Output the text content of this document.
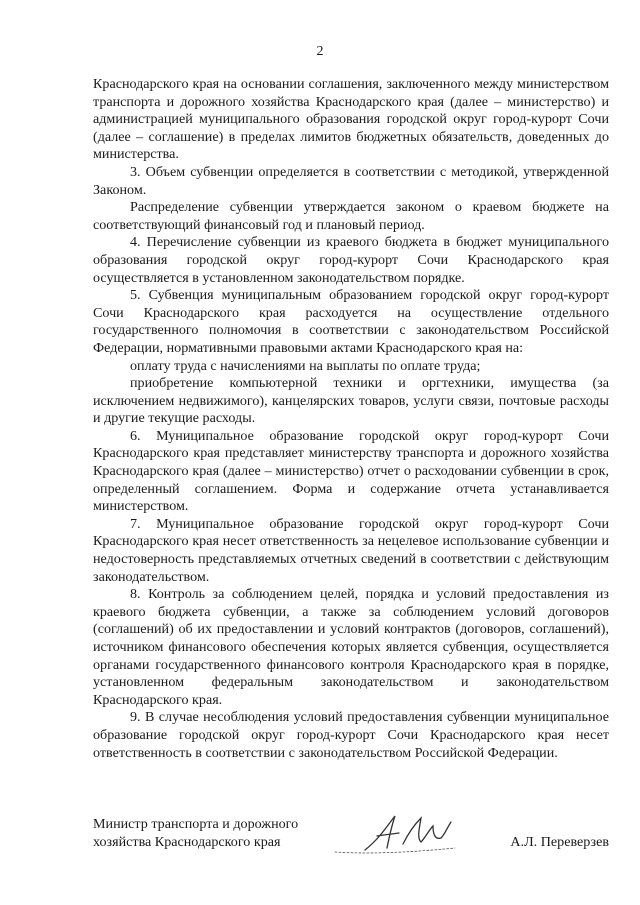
2

Краснодарского края на основании соглашения, заключенного между министерством транспорта и дорожного хозяйства Краснодарского края (далее – министерство) и администрацией муниципального образования городской округ город-курорт Сочи (далее – соглашение) в пределах лимитов бюджетных обязательств, доведенных до министерства.

3. Объем субвенции определяется в соответствии с методикой, утвержденной Законом.

Распределение субвенции утверждается законом о краевом бюджете на соответствующий финансовый год и плановый период.

4. Перечисление субвенции из краевого бюджета в бюджет муниципального образования городской округ город-курорт Сочи Краснодарского края осуществляется в установленном законодательством порядке.

5. Субвенция муниципальным образованием городской округ город-курорт Сочи Краснодарского края расходуется на осуществление отдельного государственного полномочия в соответствии с законодательством Российской Федерации, нормативными правовыми актами Краснодарского края на:

оплату труда с начислениями на выплаты по оплате труда;

приобретение компьютерной техники и оргтехники, имущества (за исключением недвижимого), канцелярских товаров, услуги связи, почтовые расходы и другие текущие расходы.

6. Муниципальное образование городской округ город-курорт Сочи Краснодарского края представляет министерству транспорта и дорожного хозяйства Краснодарского края (далее – министерство) отчет о расходовании субвенции в срок, определенный соглашением. Форма и содержание отчета устанавливается министерством.

7. Муниципальное образование городской округ город-курорт Сочи Краснодарского края несет ответственность за нецелевое использование субвенции и недостоверность представляемых отчетных сведений в соответствии с действующим законодательством.

8. Контроль за соблюдением целей, порядка и условий предоставления из краевого бюджета субвенции, а также за соблюдением условий договоров (соглашений) об их предоставлении и условий контрактов (договоров, соглашений), источником финансового обеспечения которых является субвенция, осуществляется органами государственного финансового контроля Краснодарского края в порядке, установленном федеральным законодательством и законодательством Краснодарского края.

9. В случае несоблюдения условий предоставления субвенции муниципальное образование городской округ город-курорт Сочи Краснодарского края несет ответственность в соответствии с законодательством Российской Федерации.

Министр транспорта и дорожного
хозяйства Краснодарского края	А.Л. Переверзев
